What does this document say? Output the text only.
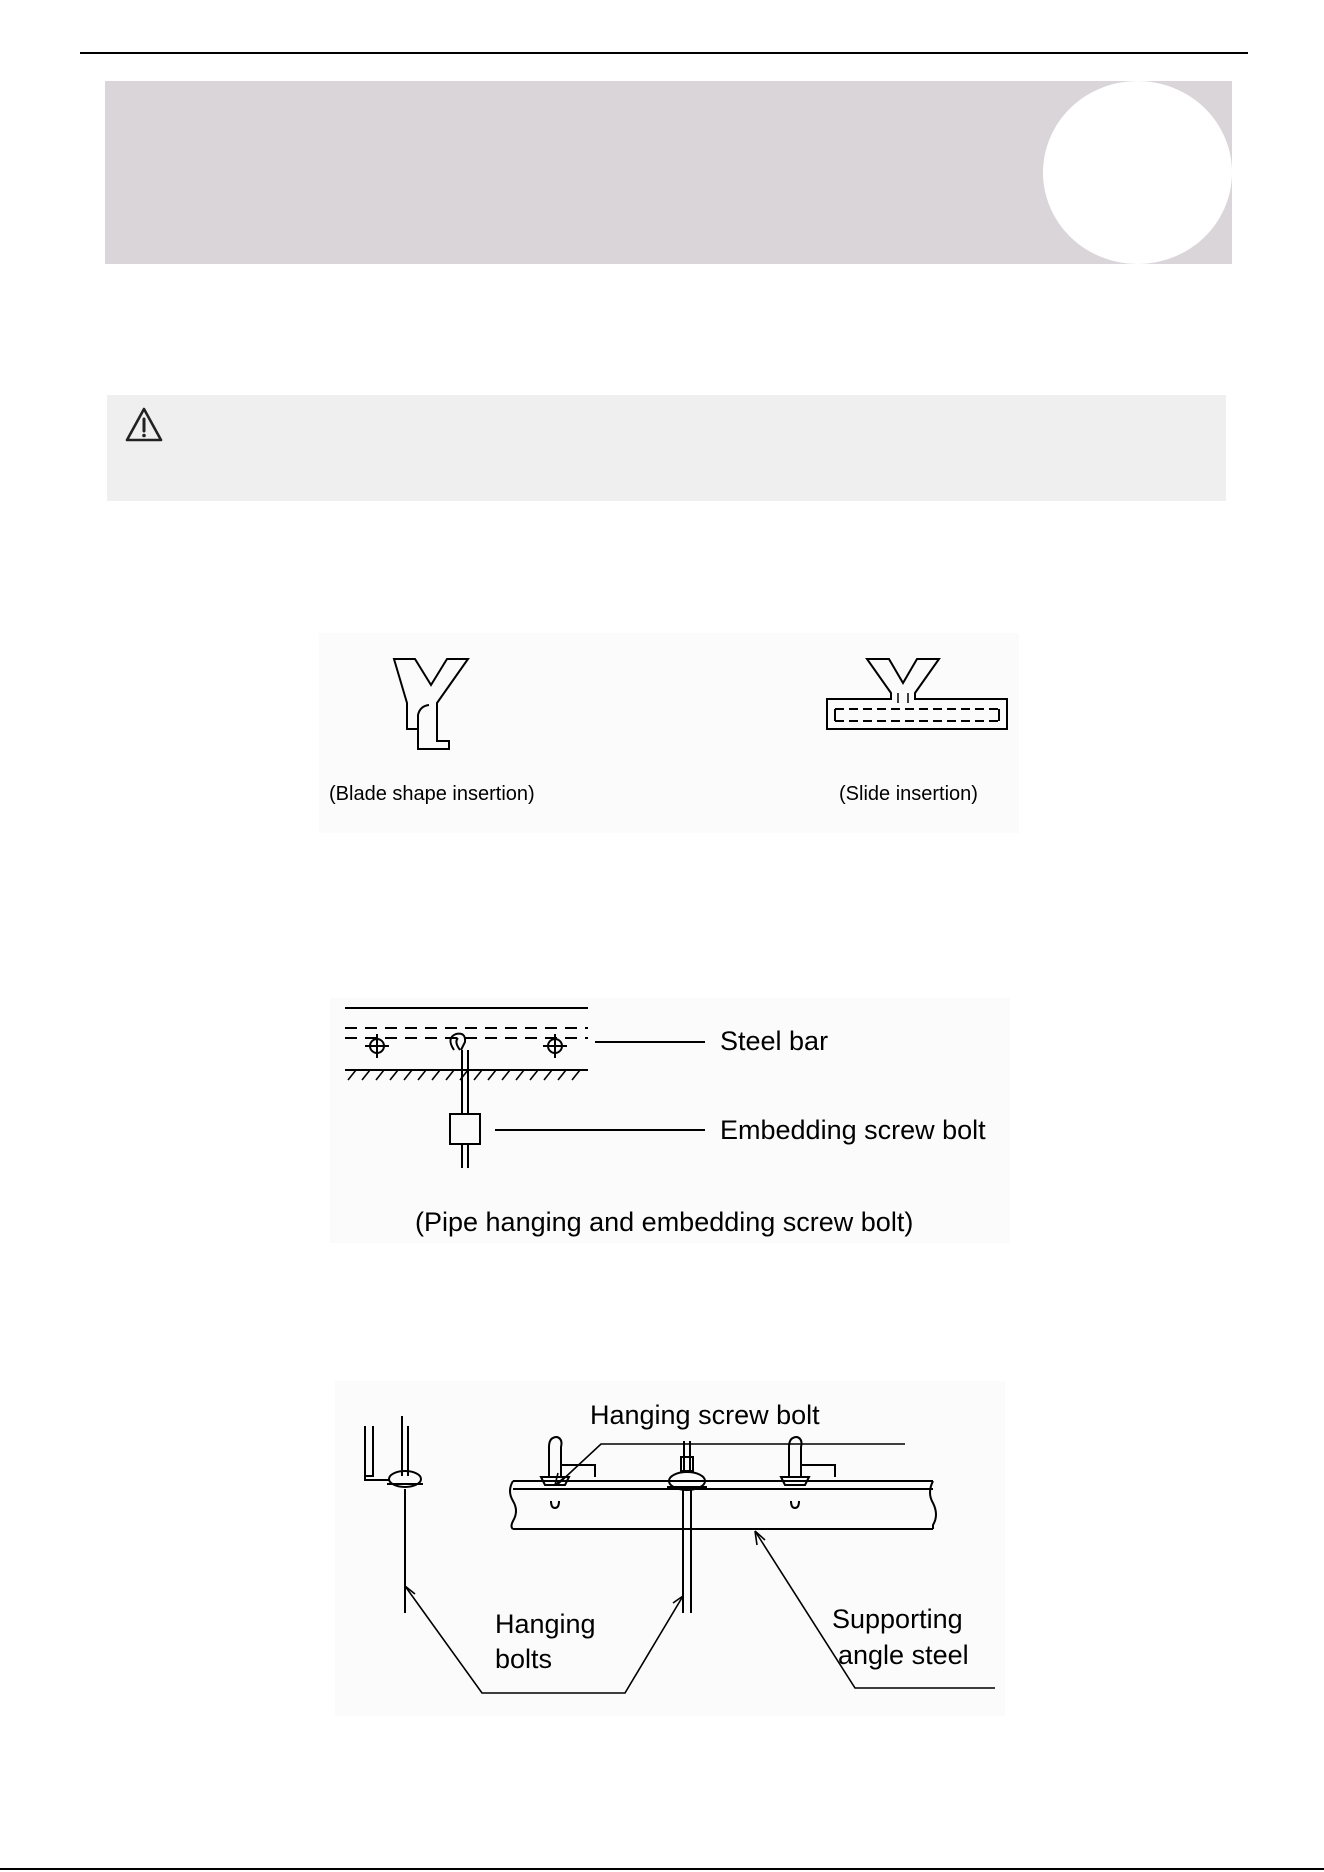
(Blade shape insertion)	(Slide insertion)
Steel bar
Embedding screw bolt
(Pipe hanging and embedding screw bolt)
Hanging screw bolt
Hanging
bolts
Supporting
angle steel
